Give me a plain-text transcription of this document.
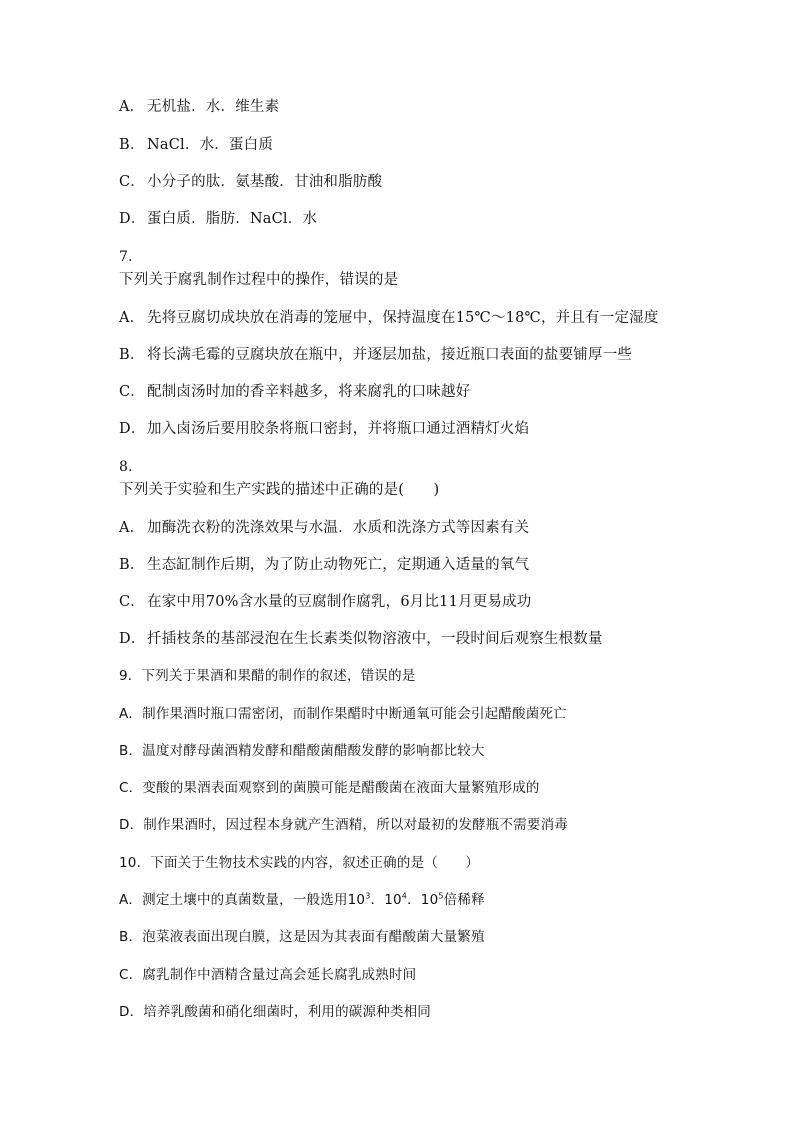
A． 无机盐．水．维生素
B． NaCl．水．蛋白质
C． 小分子的肽．氨基酸．甘油和脂肪酸
D．蛋白质．脂肪．NaCl．水
7．
下列关于腐乳制作过程中的操作，错误的是
A． 先将豆腐切成块放在消毒的笼屉中，保持温度在15℃～18℃，并且有一定湿度
B． 将长满毛霉的豆腐块放在瓶中，并逐层加盐，接近瓶口表面的盐要铺厚一些
C． 配制卤汤时加的香辛料越多，将来腐乳的口味越好
D．加入卤汤后要用胶条将瓶口密封，并将瓶口通过酒精灯火焰
8．
下列关于实验和生产实践的描述中正确的是(　　)
A． 加酶洗衣粉的洗涤效果与水温．水质和洗涤方式等因素有关
B． 生态缸制作后期，为了防止动物死亡，定期通入适量的氧气
C． 在家中用70%含水量的豆腐制作腐乳，6月比11月更易成功
D．扦插枝条的基部浸泡在生长素类似物溶液中，一段时间后观察生根数量
9．下列关于果酒和果醋的制作的叙述，错误的是
A．制作果酒时瓶口需密闭，而制作果醋时中断通氧可能会引起醋酸菌死亡
B．温度对酵母菌酒精发酵和醋酸菌醋酸发酵的影响都比较大
C．变酸的果酒表面观察到的菌膜可能是醋酸菌在液面大量繁殖形成的
D．制作果酒时，因过程本身就产生酒精，所以对最初的发酵瓶不需要消毒
10．下面关于生物技术实践的内容，叙述正确的是（　　）
A．测定土壤中的真菌数量，一般选用$10^3$．$10^4$．$10^5$倍稀释
B．泡菜液表面出现白膜，这是因为其表面有醋酸菌大量繁殖
C．腐乳制作中酒精含量过高会延长腐乳成熟时间
D．培养乳酸菌和硝化细菌时，利用的碳源种类相同
